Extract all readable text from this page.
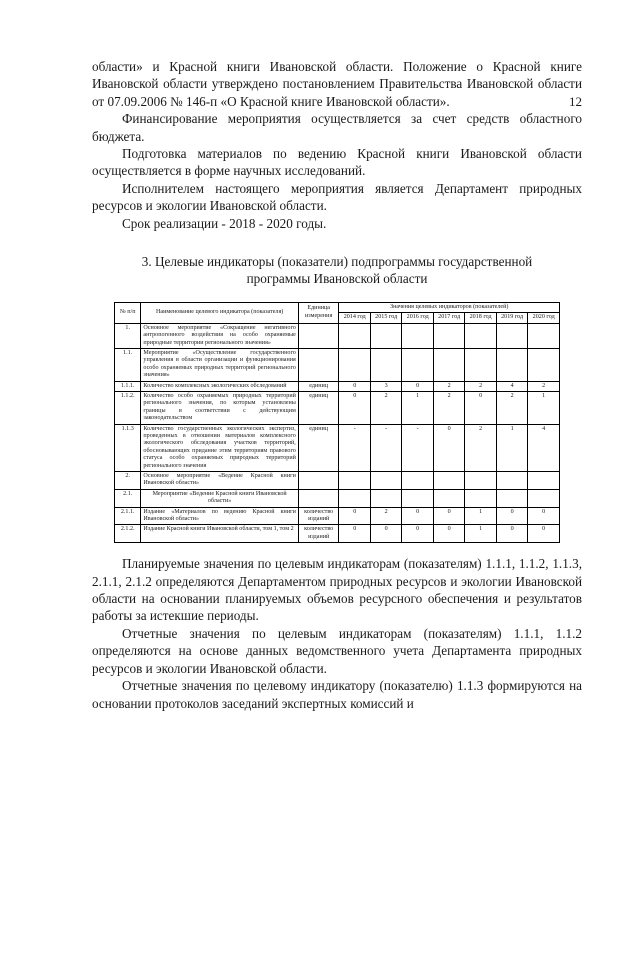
12

области» и Красной книги Ивановской области. Положение о Красной книге Ивановской области утверждено постановлением Правительства Ивановской области от 07.09.2006 № 146-п «О Красной книге Ивановской области».

Финансирование мероприятия осуществляется за счет средств областного бюджета.

Подготовка материалов по ведению Красной книги Ивановской области осуществляется в форме научных исследований.

Исполнителем настоящего мероприятия является Департамент природных ресурсов и экологии Ивановской области.

Срок реализации - 2018 - 2020 годы.

3. Целевые индикаторы (показатели) подпрограммы государственной
программы Ивановской области
№ п/п	Наименование целевого индикатора (показателя)	Единица измерения	Значения целевых индикаторов (показателей)						
			2014 год	2015 год	2016 год	2017 год	2018 год	2019 год	2020 год
1.	Основное мероприятие «Сокращение негативного антропогенного воздействия на особо охраняемые природные территории регионального значения»								
1.1.	Мероприятие «Осуществление государственного управления в области организации и функционирования особо охраняемых природных территорий регионального значения»								
1.1.1.	Количество комплексных экологических обследований	единиц	0	3	0	2	2	4	2
1.1.2.	Количество особо охраняемых природных территорий регионального значения, по которым установлены границы в соответствии с действующим законодательством	единиц	0	2	1	2	0	2	1
1.1.3	Количество государственных экологических экспертиз, проведенных в отношении материалов комплексного экологического обследования участков территорий, обосновывающих придание этим территориям правового статуса особо охраняемых природных территорий регионального значения	единиц	-	-	-	0	2	1	4
2.	Основное мероприятие «Ведение Красной книги Ивановской области»								
2.1.	Мероприятие «Ведение Красной книги Ивановской области»								
2.1.1.	Издание «Материалов по ведению Красной книги Ивановской области»	количество изданий	0	2	0	0	1	0	0
2.1.2.	Издание Красной книги Ивановской области, том 1, том 2	количество изданий	0	0	0	0	1	0	0

Планируемые значения по целевым индикаторам (показателям) 1.1.1, 1.1.2, 1.1.3, 2.1.1, 2.1.2 определяются Департаментом природных ресурсов и экологии Ивановской области на основании планируемых объемов ресурсного обеспечения и результатов работы за истекшие периоды.

Отчетные значения по целевым индикаторам (показателям) 1.1.1, 1.1.2 определяются на основе данных ведомственного учета Департамента природных ресурсов и экологии Ивановской области.

Отчетные значения по целевому индикатору (показателю) 1.1.3 формируются на основании протоколов заседаний экспертных комиссий и
